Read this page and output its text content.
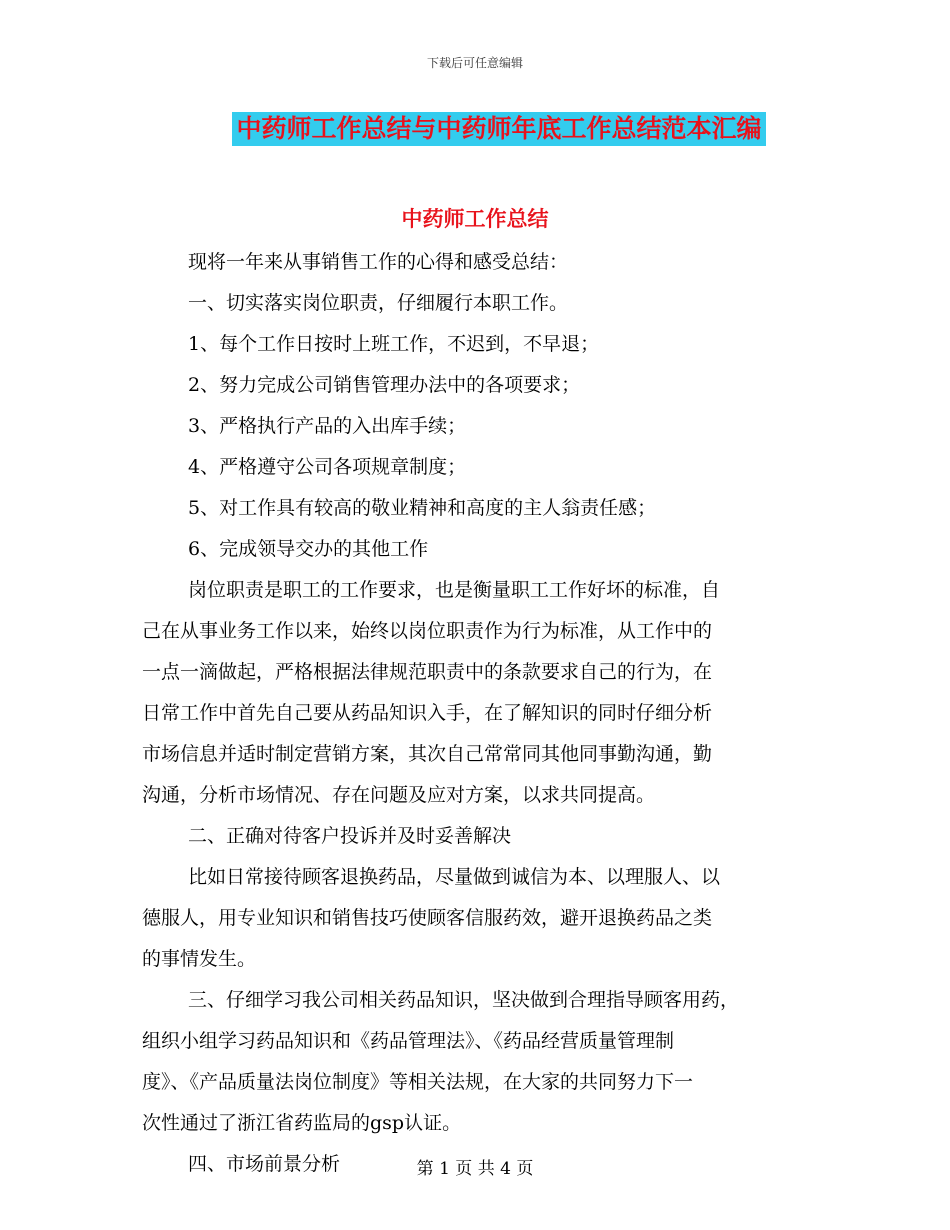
下载后可任意编辑
中药师工作总结与中药师年底工作总结范本汇编
中药师工作总结

现将一年来从事销售工作的心得和感受总结：

一、切实落实岗位职责，仔细履行本职工作。

1、每个工作日按时上班工作，不迟到，不早退；

2、努力完成公司销售管理办法中的各项要求；

3、严格执行产品的入出库手续；

4、严格遵守公司各项规章制度；

5、对工作具有较高的敬业精神和高度的主人翁责任感；

6、完成领导交办的其他工作

岗位职责是职工的工作要求，也是衡量职工工作好坏的标准，自
己在从事业务工作以来，始终以岗位职责作为行为标准，从工作中的
一点一滴做起，严格根据法律规范职责中的条款要求自己的行为，在
日常工作中首先自己要从药品知识入手，在了解知识的同时仔细分析
市场信息并适时制定营销方案，其次自己常常同其他同事勤沟通，勤
沟通，分析市场情况、存在问题及应对方案，以求共同提高。

二、正确对待客户投诉并及时妥善解决

比如日常接待顾客退换药品，尽量做到诚信为本、以理服人、以
德服人，用专业知识和销售技巧使顾客信服药效，避开退换药品之类
的事情发生。

三、仔细学习我公司相关药品知识，坚决做到合理指导顾客用药，
组织小组学习药品知识和《药品管理法》、《药品经营质量管理制
度》、《产品质量法岗位制度》等相关法规，在大家的共同努力下一
次性通过了浙江省药监局的gsp认证。

四、市场前景分析	第 1 页 共 4 页
